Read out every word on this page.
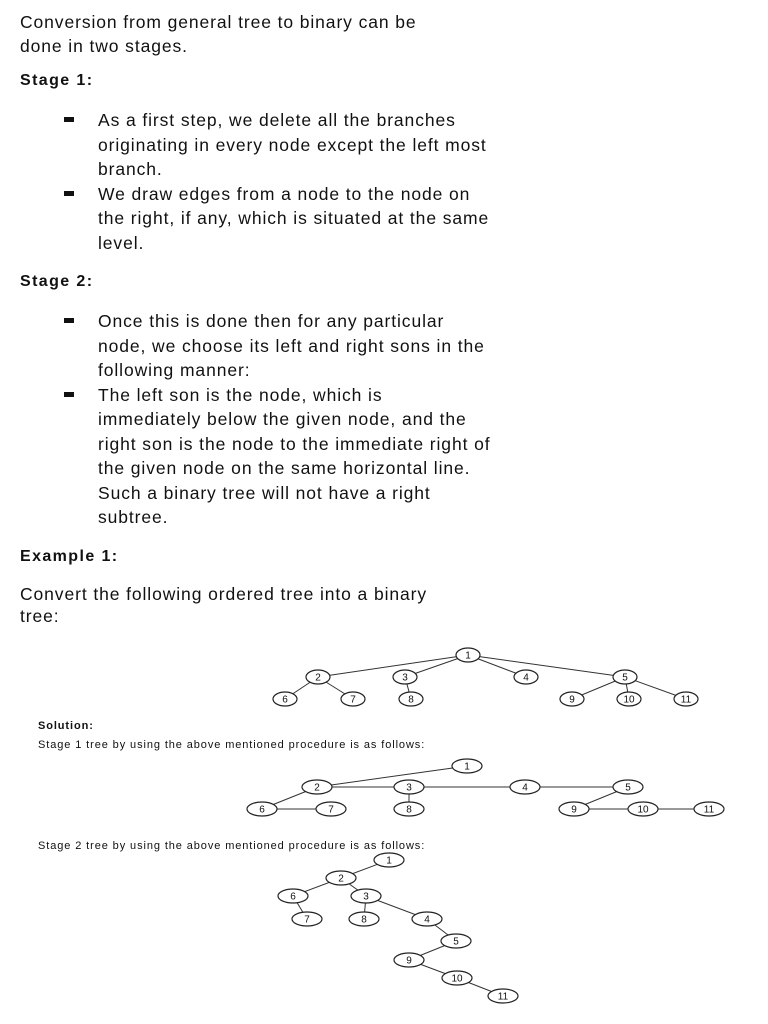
Conversion from general tree to binary can be

done in two stages.

Stage 1:
As a first step, we delete all the branches
originating in every node except the left most
branch.
We draw edges from a node to the node on
the right, if any, which is situated at the same
level.
Stage 2:
Once this is done then for any particular
node, we choose its left and right sons in the
following manner:
The left son is the node, which is
immediately below the given node, and the
right son is the node to the immediate right of
the given node on the same horizontal line.
Such a binary tree will not have a right
subtree.
Example 1:

Convert the following ordered tree into a binary

tree:

1
2	3	4	5
6	7	8	9	10	11

Solution:

Stage 1 tree by using the above mentioned procedure is as follows:

1
2	3	4	5
6	7	8	9	10	11

Stage 2 tree by using the above mentioned procedure is as follows:

1
2
3
4
5
6
7	8
9
10
11
